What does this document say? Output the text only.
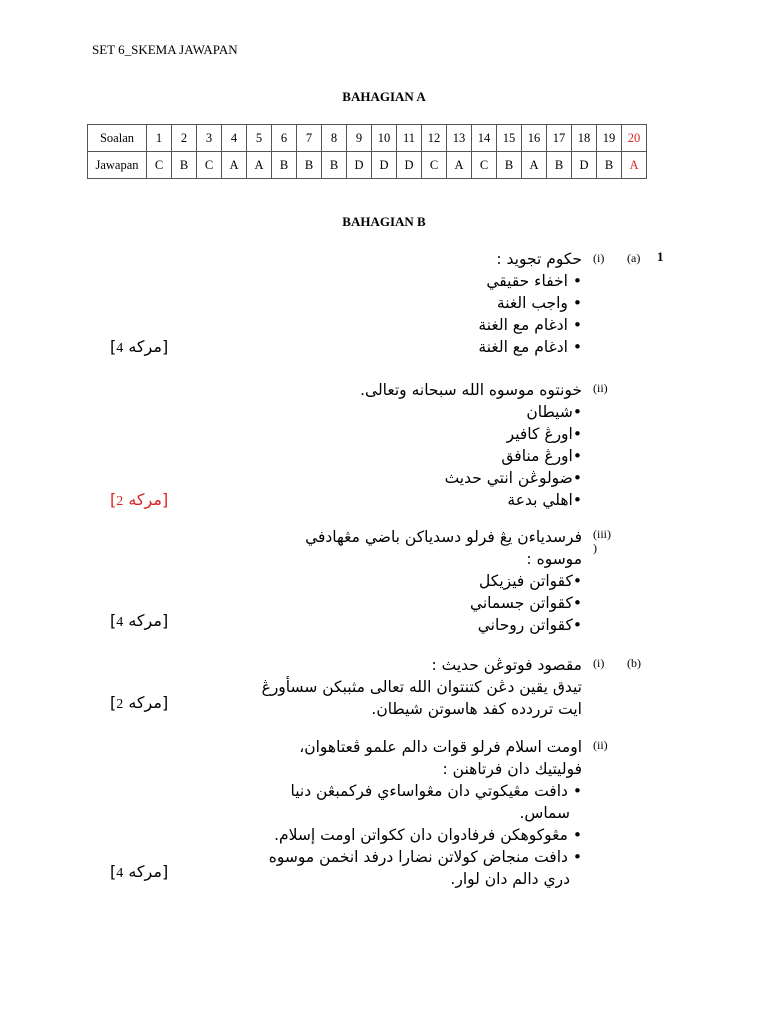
SET 6_SKEMA JAWAPAN
BAHAGIAN A
Soalan	1	2	3	4	5	6	7	8	9	10	11	12	13	14	15	16	17	18	19	20
Jawapan	C	B	C	A	A	B	B	B	D	D	D	C	A	C	B	A	B	D	B	A
BAHAGIAN B
1
(a)
(b)
(i)
حكوم تجويد :
• اخفاء حقيقي
• واجب الغنة
• ادغام مع الغنة
• ادغام مع الغنة
[ مركه 4 ]
(ii)
خونتوه موسوه الله سبحانه وتعالى.
•شيطان
•اورڠ كافير
•اورڠ منافق
•ضولوڠن انتي حديث
•اهلي بدعة
[ مركه 2 ]
(iii)
)
فرسدياءن يڠ فرلو دسدياكن باضي مڠهادفي
موسوه :
•كقواتن فيزيكل
•كقواتن جسماني
•كقواتن روحاني
[ مركه 4 ]
(i)
مقصود فوتوڠن حديث :
تيدق يقين دڠن كتنتوان الله تعالى مثببكن سسأورڠ
ايت ترردده كفد هاسوتن شيطان.
[ مركه 2 ]
(ii)
اومت اسلام فرلو قوات دالم علمو ڤعتاهوان،
فوليتيك دان فرتاهنن :
• دافت مڠيكوتي دان مڠواساءي فركمبڠن دنيا
سماس.
• مڠوكوهكن فرفادوان دان ككواتن اومت إسلام.
• دافت منجاض كولاتن نضارا درفد انخمن موسوه
دري دالم دان لوار.
[ مركه 4 ]
